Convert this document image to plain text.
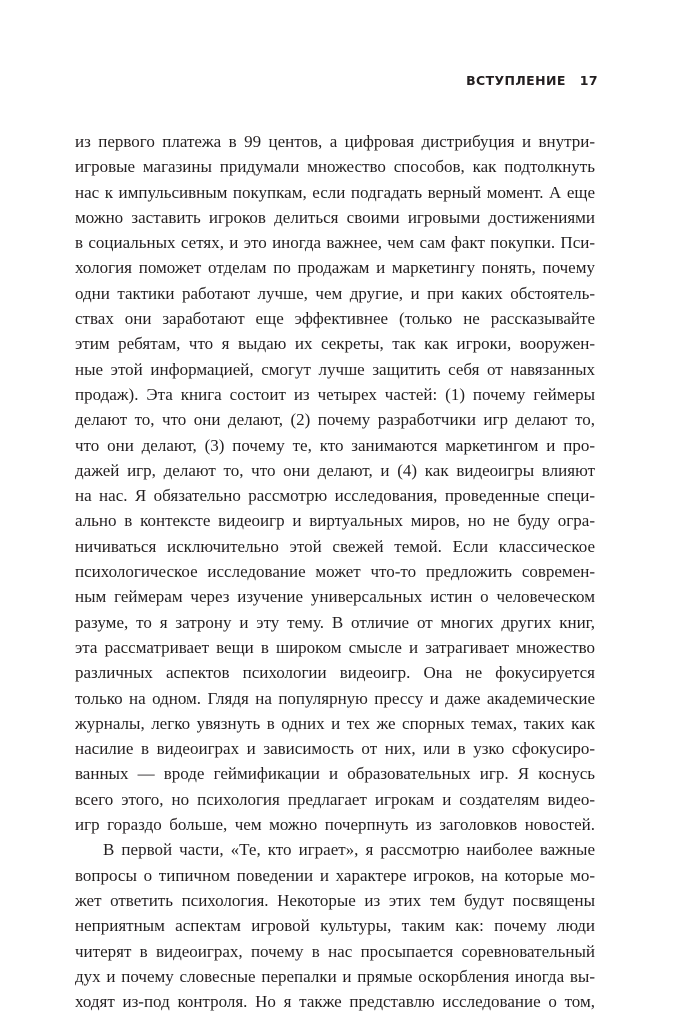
ВСТУПЛЕНИЕ 17
из первого платежа в 99 центов, а цифровая дистрибуция и внутри-
игровые магазины придумали множество способов, как подтолкнуть
нас к импульсивным покупкам, если подгадать верный момент. А еще
можно заставить игроков делиться своими игровыми достижениями
в социальных сетях, и это иногда важнее, чем сам факт покупки. Пси-
хология поможет отделам по продажам и маркетингу понять, почему
одни тактики работают лучше, чем другие, и при каких обстоятель-
ствах они заработают еще эффективнее (только не рассказывайте
этим ребятам, что я выдаю их секреты, так как игроки, вооружен-
ные этой информацией, смогут лучше защитить себя от навязанных
продаж). Эта книга состоит из четырех частей: (1) почему геймеры
делают то, что они делают, (2) почему разработчики игр делают то,
что они делают, (3) почему те, кто занимаются маркетингом и про-
дажей игр, делают то, что они делают, и (4) как видеоигры влияют
на нас. Я обязательно рассмотрю исследования, проведенные специ-
ально в контексте видеоигр и виртуальных миров, но не буду огра-
ничиваться исключительно этой свежей темой. Если классическое
психологическое исследование может что-то предложить современ-
ным геймерам через изучение универсальных истин о человеческом
разуме, то я затрону и эту тему. В отличие от многих других книг,
эта рассматривает вещи в широком смысле и затрагивает множество
различных аспектов психологии видеоигр. Она не фокусируется
только на одном. Глядя на популярную прессу и даже академические
журналы, легко увязнуть в одних и тех же спорных темах, таких как
насилие в видеоиграх и зависимость от них, или в узко сфокусиро-
ванных — вроде геймификации и образовательных игр. Я коснусь
всего этого, но психология предлагает игрокам и создателям видео-
игр гораздо больше, чем можно почерпнуть из заголовков новостей.
В первой части, «Те, кто играет», я рассмотрю наиболее важные
вопросы о типичном поведении и характере игроков, на которые мо-
жет ответить психология. Некоторые из этих тем будут посвящены
неприятным аспектам игровой культуры, таким как: почему люди
читерят в видеоиграх, почему в нас просыпается соревновательный
дух и почему словесные перепалки и прямые оскорбления иногда вы-
ходят из-под контроля. Но я также представлю исследование о том,
